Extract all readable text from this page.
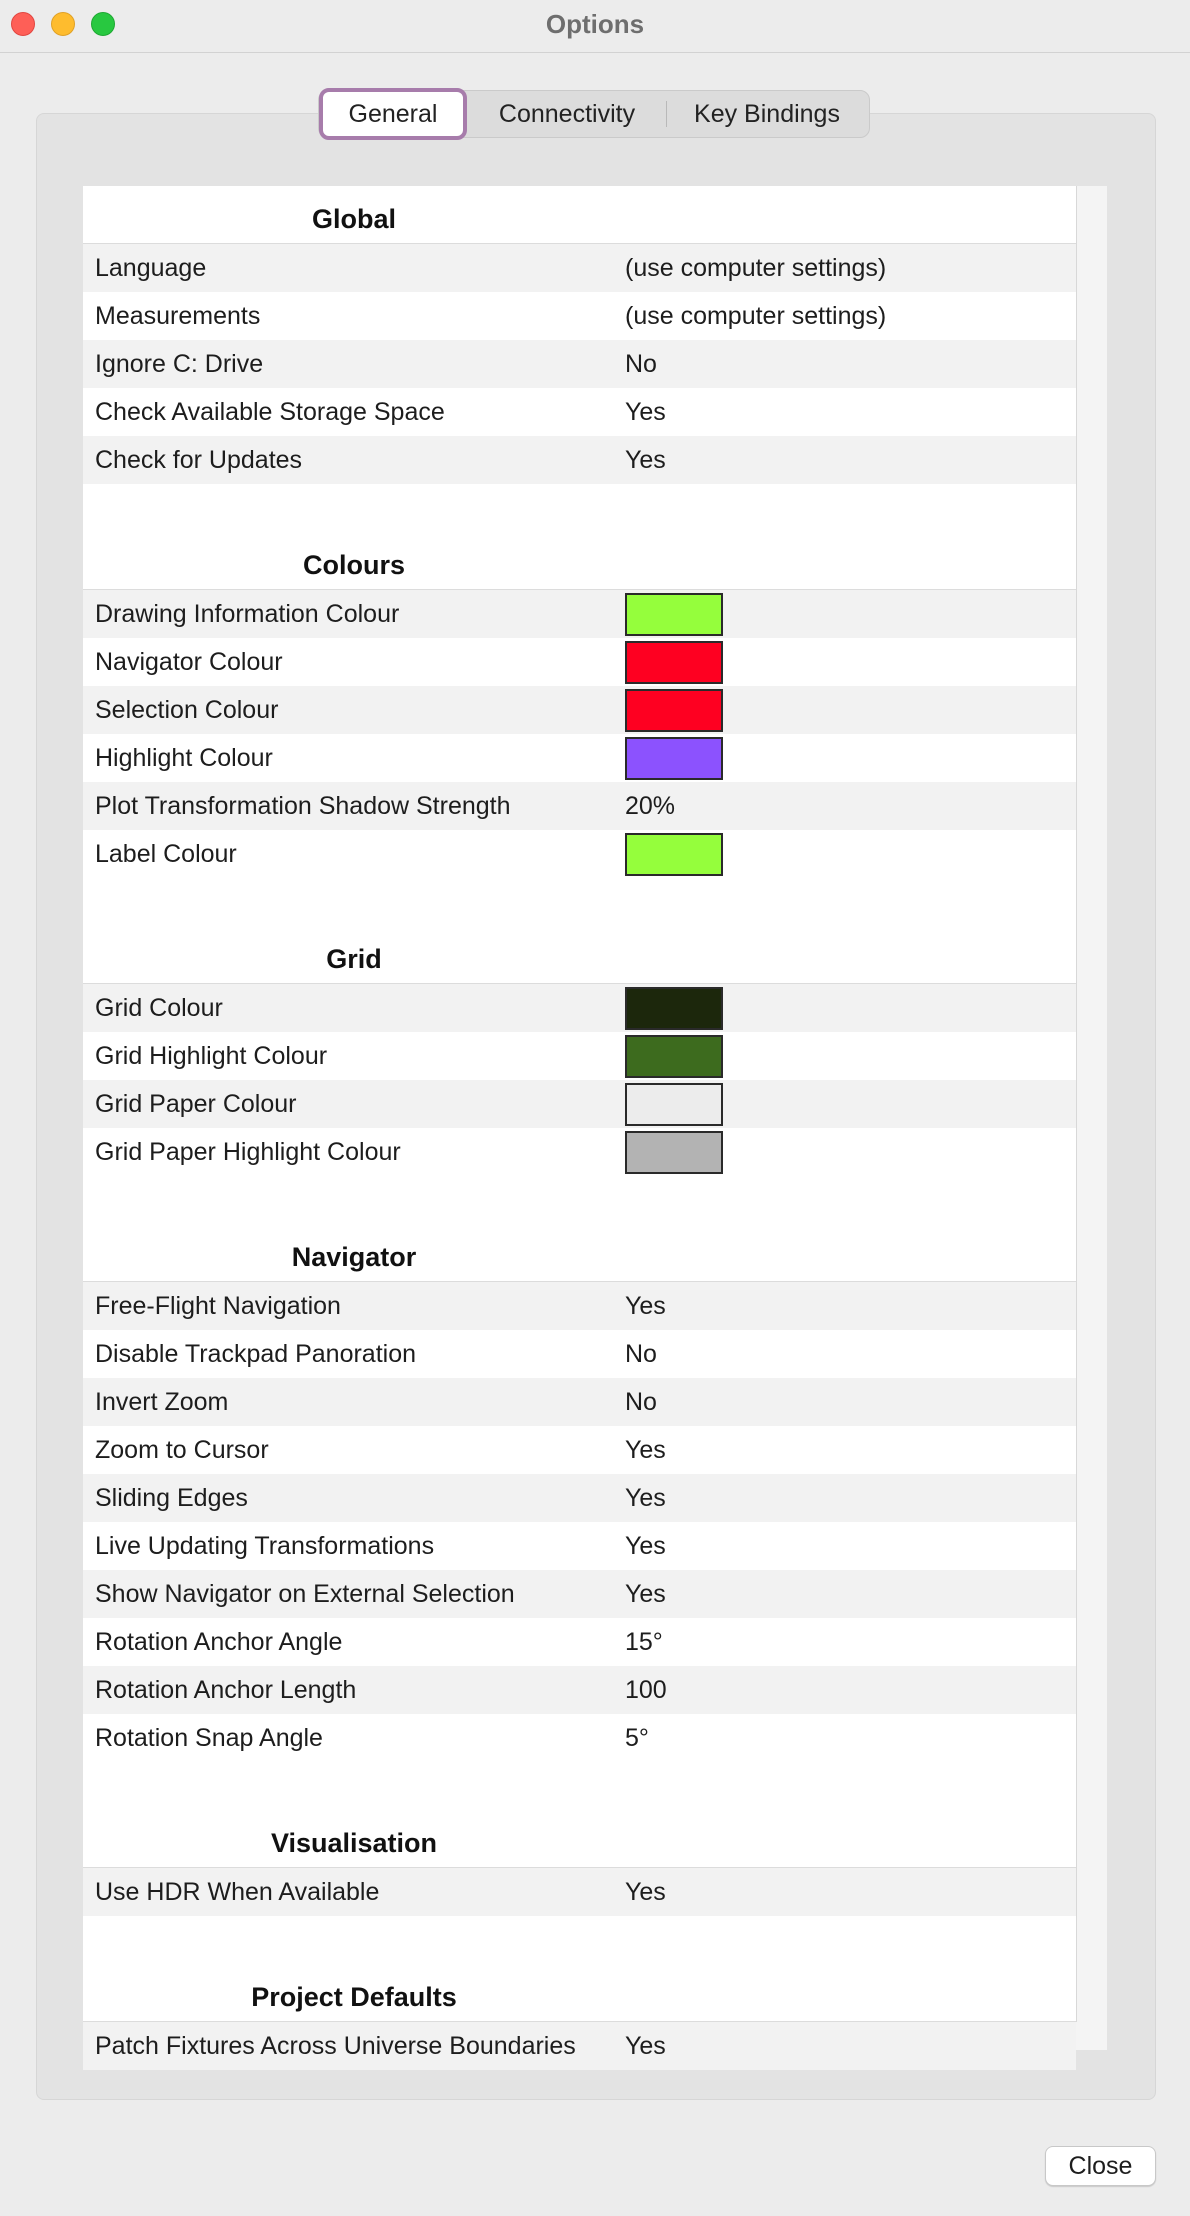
Options
General	Connectivity	Key Bindings
Global
Language	(use computer settings)
Measurements	(use computer settings)
Ignore C: Drive	No
Check Available Storage Space	Yes
Check for Updates	Yes
Colours
Drawing Information Colour
Navigator Colour
Selection Colour
Highlight Colour
Plot Transformation Shadow Strength	20%
Label Colour
Grid
Grid Colour
Grid Highlight Colour
Grid Paper Colour
Grid Paper Highlight Colour
Navigator
Free-Flight Navigation	Yes
Disable Trackpad Panoration	No
Invert Zoom	No
Zoom to Cursor	Yes
Sliding Edges	Yes
Live Updating Transformations	Yes
Show Navigator on External Selection	Yes
Rotation Anchor Angle	15°
Rotation Anchor Length	100
Rotation Snap Angle	5°
Visualisation
Use HDR When Available	Yes
Project Defaults
Patch Fixtures Across Universe Boundaries	Yes
Close
